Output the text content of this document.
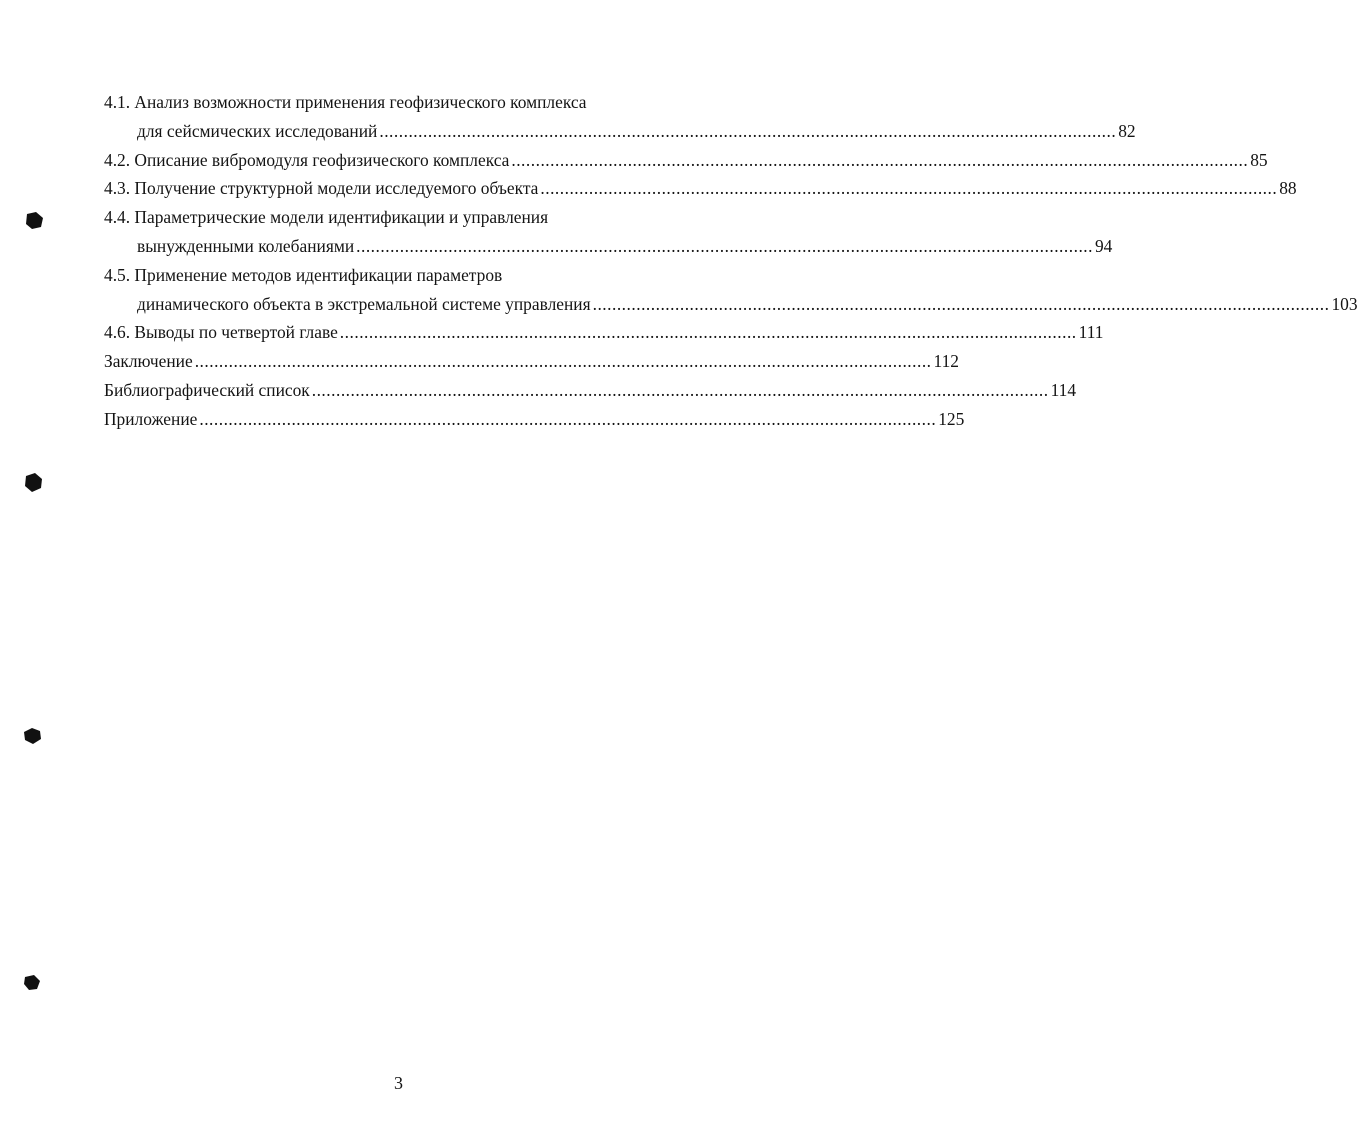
4.1. Анализ возможности применения геофизического комплекса
для сейсмических исследований ........................................................................................................................................................ 82
4.2. Описание вибромодуля геофизического комплекса ........................................................................................................................................................ 85
4.3. Получение структурной модели исследуемого объекта ........................................................................................................................................................ 88
4.4. Параметрические модели идентификации и управления
вынужденными колебаниями ........................................................................................................................................................ 94
4.5. Применение методов идентификации параметров
динамического объекта в экстремальной системе управления ........................................................................................................................................................ 103
4.6. Выводы по четвертой главе ........................................................................................................................................................ 111
Заключение ........................................................................................................................................................ 112
Библиографический список ........................................................................................................................................................ 114
Приложение ........................................................................................................................................................ 125
3
